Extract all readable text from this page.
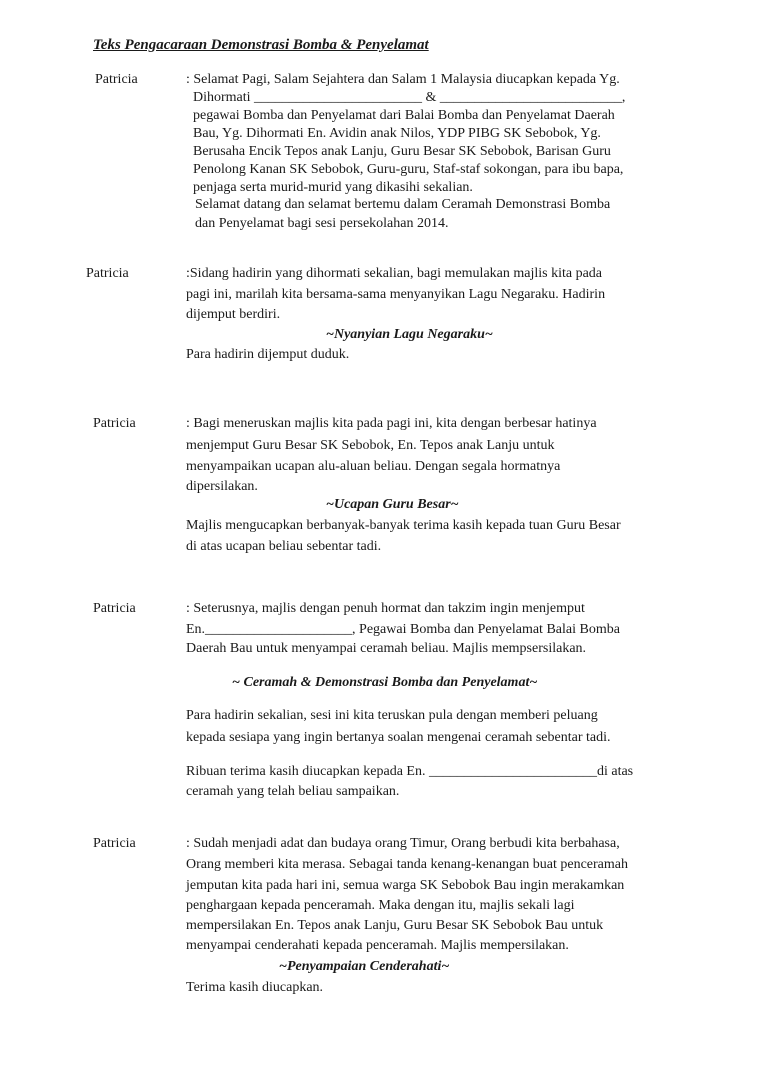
Teks Pengacaraan Demonstrasi Bomba & Penyelamat
Patricia	: Selamat Pagi, Salam Sejahtera dan Salam 1 Malaysia diucapkan kepada Yg.
Dihormati ________________________ & __________________________,
pegawai Bomba dan Penyelamat dari Balai Bomba dan Penyelamat Daerah
Bau, Yg. Dihormati En. Avidin anak Nilos, YDP PIBG SK Sebobok, Yg.
Berusaha Encik Tepos anak Lanju, Guru Besar SK Sebobok, Barisan Guru
Penolong Kanan SK Sebobok, Guru-guru, Staf-staf sokongan, para ibu bapa,
penjaga serta murid-murid yang dikasihi sekalian.
Selamat datang dan selamat bertemu dalam Ceramah Demonstrasi Bomba
dan Penyelamat bagi sesi persekolahan 2014.
Patricia	:Sidang hadirin yang dihormati sekalian, bagi memulakan majlis kita pada
pagi ini, marilah kita bersama-sama menyanyikan Lagu Negaraku. Hadirin
dijemput berdiri.
~Nyanyian Lagu Negaraku~
Para hadirin dijemput duduk.
Patricia	: Bagi meneruskan majlis kita pada pagi ini, kita dengan berbesar hatinya
menjemput Guru Besar SK Sebobok, En. Tepos anak Lanju untuk
menyampaikan ucapan alu-aluan beliau. Dengan segala hormatnya
dipersilakan.
~Ucapan Guru Besar~
Majlis mengucapkan berbanyak-banyak terima kasih kepada tuan Guru Besar
di atas ucapan beliau sebentar tadi.
Patricia	: Seterusnya, majlis dengan penuh hormat dan takzim ingin menjemput
En._____________________, Pegawai Bomba dan Penyelamat Balai Bomba
Daerah Bau untuk menyampai ceramah beliau. Majlis mempsersilakan.
~ Ceramah & Demonstrasi Bomba dan Penyelamat~
Para hadirin sekalian, sesi ini kita teruskan pula dengan memberi peluang
kepada sesiapa yang ingin bertanya soalan mengenai ceramah sebentar tadi.
Ribuan terima kasih diucapkan kepada En. ________________________di atas
ceramah yang telah beliau sampaikan.
Patricia	: Sudah menjadi adat dan budaya orang Timur, Orang berbudi kita berbahasa,
Orang memberi kita merasa. Sebagai tanda kenang-kenangan buat penceramah
jemputan kita pada hari ini, semua warga SK Sebobok Bau ingin merakamkan
penghargaan kepada penceramah. Maka dengan itu, majlis sekali lagi
mempersilakan En. Tepos anak Lanju, Guru Besar SK Sebobok Bau untuk
menyampai cenderahati kepada penceramah. Majlis mempersilakan.
~Penyampaian Cenderahati~
Terima kasih diucapkan.
